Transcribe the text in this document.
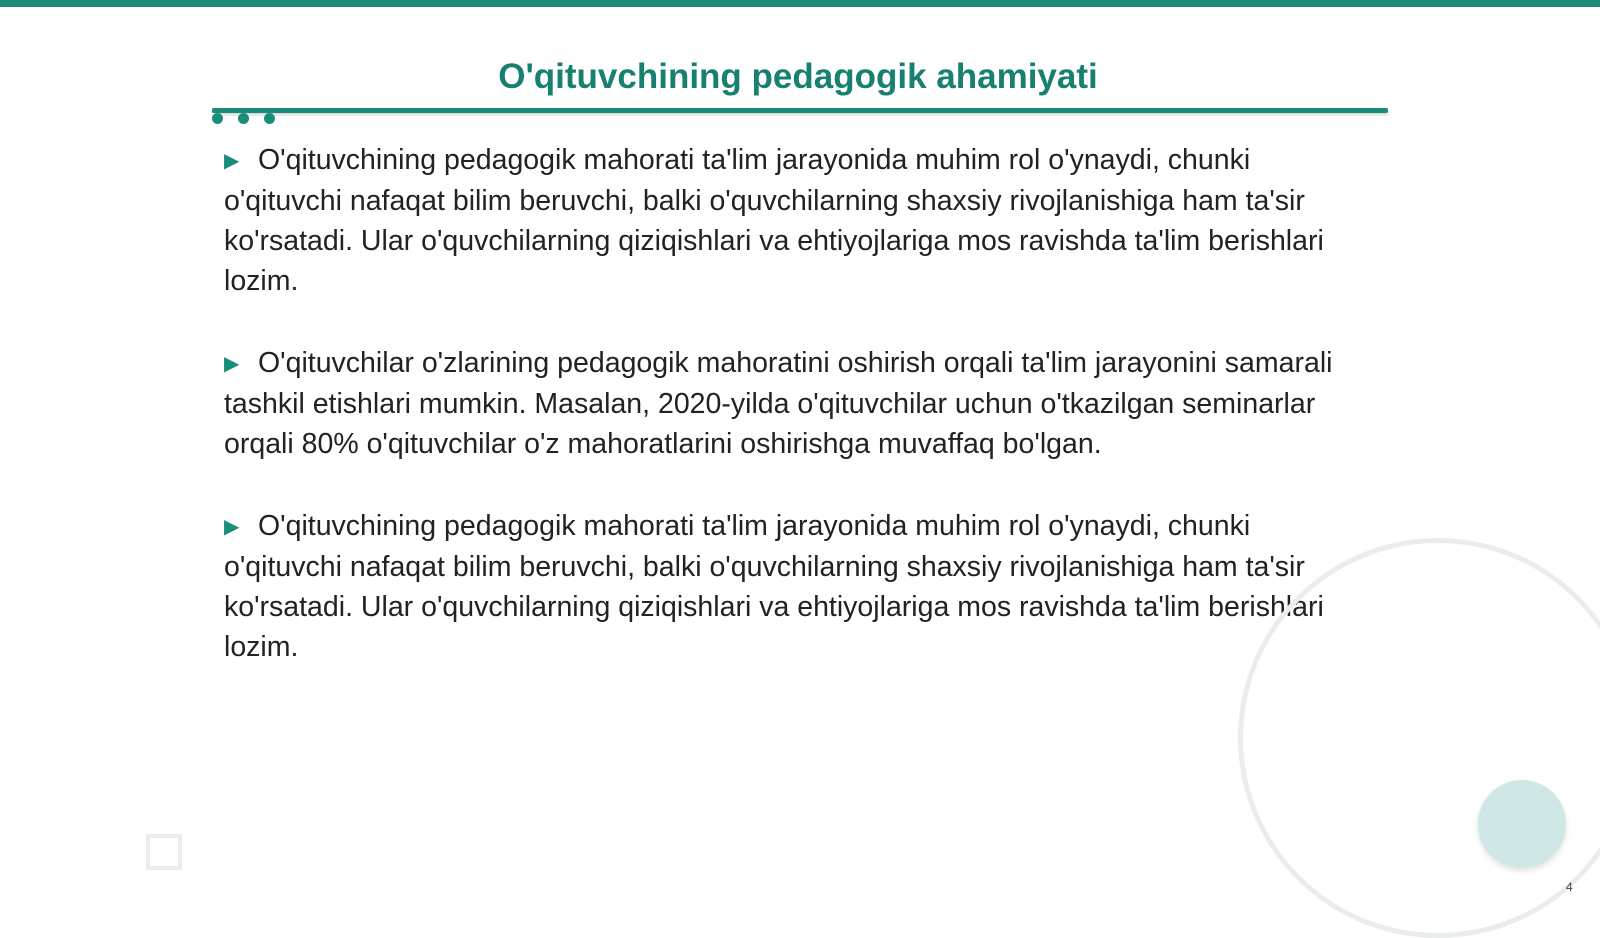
O'qituvchining pedagogik ahamiyati

▶ O'qituvchining pedagogik mahorati ta'lim jarayonida muhim rol o'ynaydi, chunki o'qituvchi nafaqat bilim beruvchi, balki o'quvchilarning shaxsiy rivojlanishiga ham ta'sir ko'rsatadi. Ular o'quvchilarning qiziqishlari va ehtiyojlariga mos ravishda ta'lim berishlari lozim.

▶ O'qituvchilar o'zlarining pedagogik mahoratini oshirish orqali ta'lim jarayonini samarali tashkil etishlari mumkin. Masalan, 2020-yilda o'qituvchilar uchun o'tkazilgan seminarlar orqali 80% o'qituvchilar o'z mahoratlarini oshirishga muvaffaq bo'lgan.

▶ O'qituvchining pedagogik mahorati ta'lim jarayonida muhim rol o'ynaydi, chunki o'qituvchi nafaqat bilim beruvchi, balki o'quvchilarning shaxsiy rivojlanishiga ham ta'sir ko'rsatadi. Ular o'quvchilarning qiziqishlari va ehtiyojlariga mos ravishda ta'lim berishlari lozim.

4
